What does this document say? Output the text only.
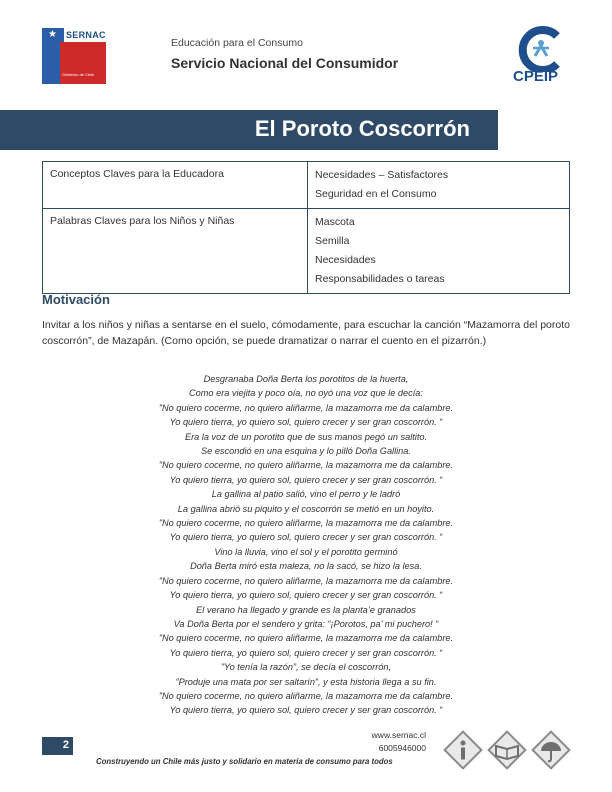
★ SERNAC
Gobierno de Chile
Educación para el Consumo
Servicio Nacional del Consumidor
CPEIP
El Poroto Coscorrón
Conceptos Claves para la Educadora	Necesidades – Satisfactores
Seguridad en el Consumo

Palabras Claves para los Niños y Niñas	Mascota
Semilla
Necesidades
Responsabilidades o tareas
Motivación
Invitar a los niños y niñas a sentarse en el suelo, cómodamente, para escuchar la canción “Mazamorra del poroto coscorrón”, de Mazapán. (Como opción, se puede dramatizar o narrar el cuento en el pizarrón.)
Desgranaba Doña Berta los porotitos de la huerta,
Como era viejita y poco oía, no oyó una voz que le decía:
”No quiero cocerme, no quiero aliñarme, la mazamorra me da calambre.
Yo quiero tierra, yo quiero sol, quiero crecer y ser gran coscorrón. “
Era la voz de un porotito que de sus manos pegó un saltito.
Se escondió en una esquina y lo pilló Doña Gallina.
”No quiero cocerme, no quiero aliñarme, la mazamorra me da calambre.
Yo quiero tierra, yo quiero sol, quiero crecer y ser gran coscorrón. “
La gallina al patio salió, vino el perro y le ladró
La gallina abrió su piquito y el coscorrón se metió en un hoyito.
”No quiero cocerme, no quiero aliñarme, la mazamorra me da calambre.
Yo quiero tierra, yo quiero sol, quiero crecer y ser gran coscorrón. “
Vino la lluvia, vino el sol y el porotito germinó
Doña Berta miró esta maleza, no la sacó, se hizo la lesa.
”No quiero cocerme, no quiero aliñarme, la mazamorra me da calambre.
Yo quiero tierra, yo quiero sol, quiero crecer y ser gran coscorrón. “
El verano ha llegado y grande es la planta’e granados
Va Doña Berta por el sendero y grita: “¡Porotos, pa’ mi puchero! “
”No quiero cocerme, no quiero aliñarme, la mazamorra me da calambre.
Yo quiero tierra, yo quiero sol, quiero crecer y ser gran coscorrón. “
”Yo tenía la razón”, se decía el coscorrón,
”Produje una mata por ser saltarín”, y esta historia llega a su fin.
”No quiero cocerme, no quiero aliñarme, la mazamorra me da calambre.
Yo quiero tierra, yo quiero sol, quiero crecer y ser gran coscorrón. “
2
www.sernac.cl
6005946000
Construyendo un Chile más justo y solidario en materia de consumo para todos
